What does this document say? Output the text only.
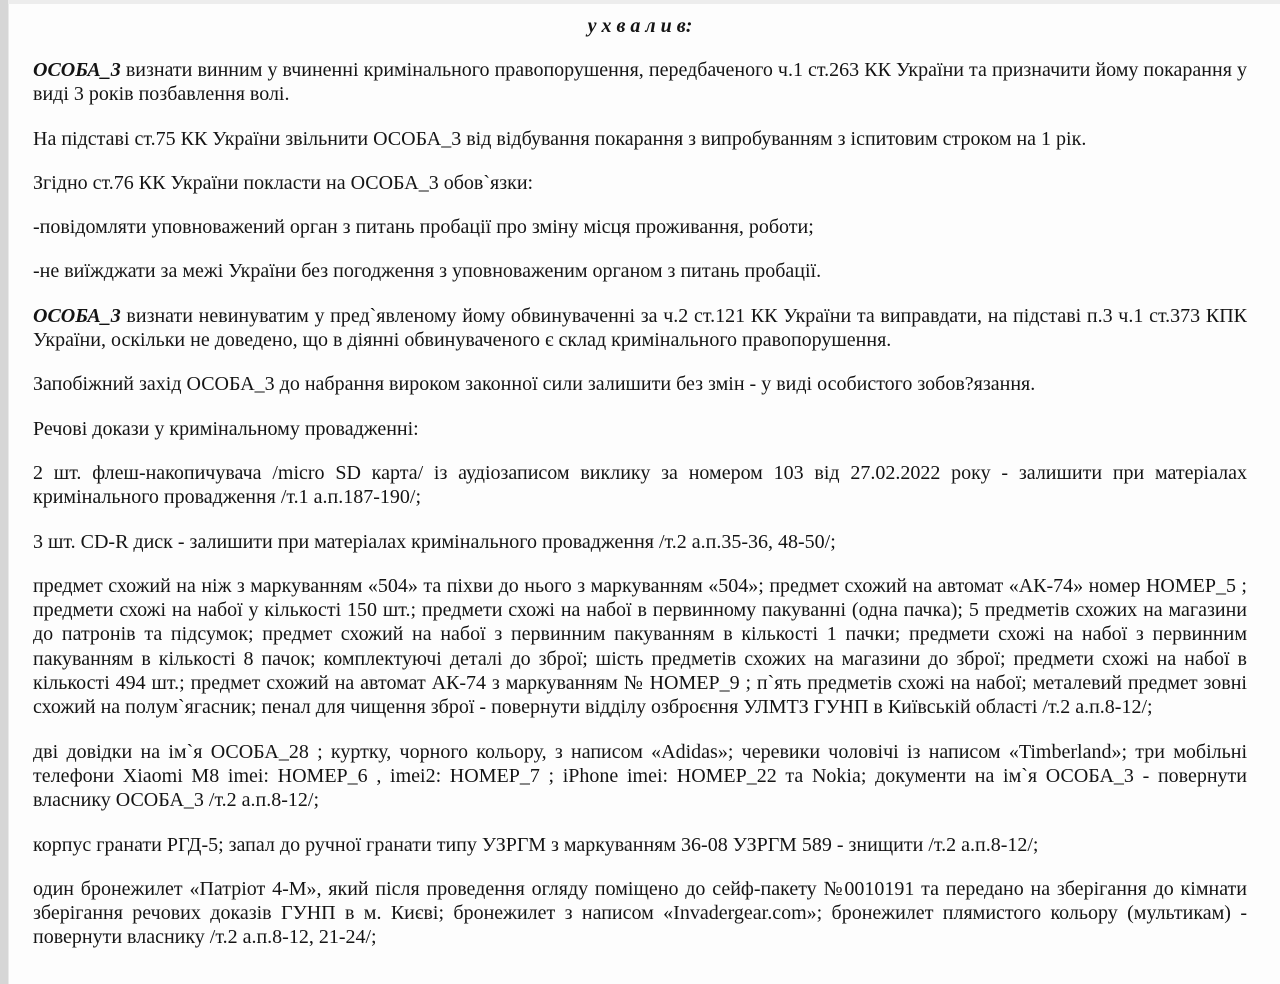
у х в а л и в:

ОСОБА_3 визнати винним у вчиненні кримінального правопорушення, передбаченого ч.1 ст.263 КК України та призначити йому покарання у виді 3 років позбавлення волі.

На підставі ст.75 КК України звільнити ОСОБА_3 від відбування покарання з випробуванням з іспитовим строком на 1 рік.

Згідно ст.76 КК України покласти на ОСОБА_3 обов`язки:

-повідомляти уповноважений орган з питань пробації про зміну місця проживання, роботи;

-не виїжджати за межі України без погодження з уповноваженим органом з питань пробації.

ОСОБА_3 визнати невинуватим у пред`явленому йому обвинуваченні за ч.2 ст.121 КК України та виправдати, на підставі п.3 ч.1 ст.373 КПК України, оскільки не доведено, що в діянні обвинуваченого є склад кримінального правопорушення.

Запобіжний захід ОСОБА_3 до набрання вироком законної сили залишити без змін - у виді особистого зобов?язання.

Речові докази у кримінальному провадженні:

2 шт. флеш-накопичувача /micro SD карта/ із аудіозаписом виклику за номером 103 від 27.02.2022 року - залишити при матеріалах кримінального провадження /т.1 а.п.187-190/;

3 шт. CD-R диск - залишити при матеріалах кримінального провадження /т.2 а.п.35-36, 48-50/;

предмет схожий на ніж з маркуванням «504» та піхви до нього з маркуванням «504»; предмет схожий на автомат «АК-74» номер НОМЕР_5 ; предмети схожі на набої у кількості 150 шт.; предмети схожі на набої в первинному пакуванні (одна пачка); 5 предметів схожих на магазини до патронів та підсумок; предмет схожий на набої з первинним пакуванням в кількості 1 пачки; предмети схожі на набої з первинним пакуванням в кількості 8 пачок; комплектуючі деталі до зброї; шість предметів схожих на магазини до зброї; предмети схожі на набої в кількості 494 шт.; предмет схожий на автомат АК-74 з маркуванням № НОМЕР_9 ; п`ять предметів схожі на набої; металевий предмет зовні схожий на полум`ягасник; пенал для чищення зброї - повернути відділу озброєння УЛМТЗ ГУНП в Київській області /т.2 а.п.8-12/;

дві довідки на ім`я ОСОБА_28 ; куртку, чорного кольору, з написом «Adidas»; черевики чоловічі із написом «Timberland»; три мобільні телефони Xiaomi M8 imei: НОМЕР_6 , imei2: НОМЕР_7 ; iPhone imei: НОМЕР_22 та Nokia; документи на ім`я ОСОБА_3 - повернути власнику ОСОБА_3 /т.2 а.п.8-12/;

корпус гранати РГД-5; запал до ручної гранати типу УЗРГМ з маркуванням 36-08 УЗРГМ 589 - знищити /т.2 а.п.8-12/;

один бронежилет «Патріот 4-М», який після проведення огляду поміщено до сейф-пакету №0010191 та передано на зберігання до кімнати зберігання речових доказів ГУНП в м. Києві; бронежилет з написом «Invadergear.com»; бронежилет плямистого кольору (мультикам) - повернути власнику /т.2 а.п.8-12, 21-24/;
